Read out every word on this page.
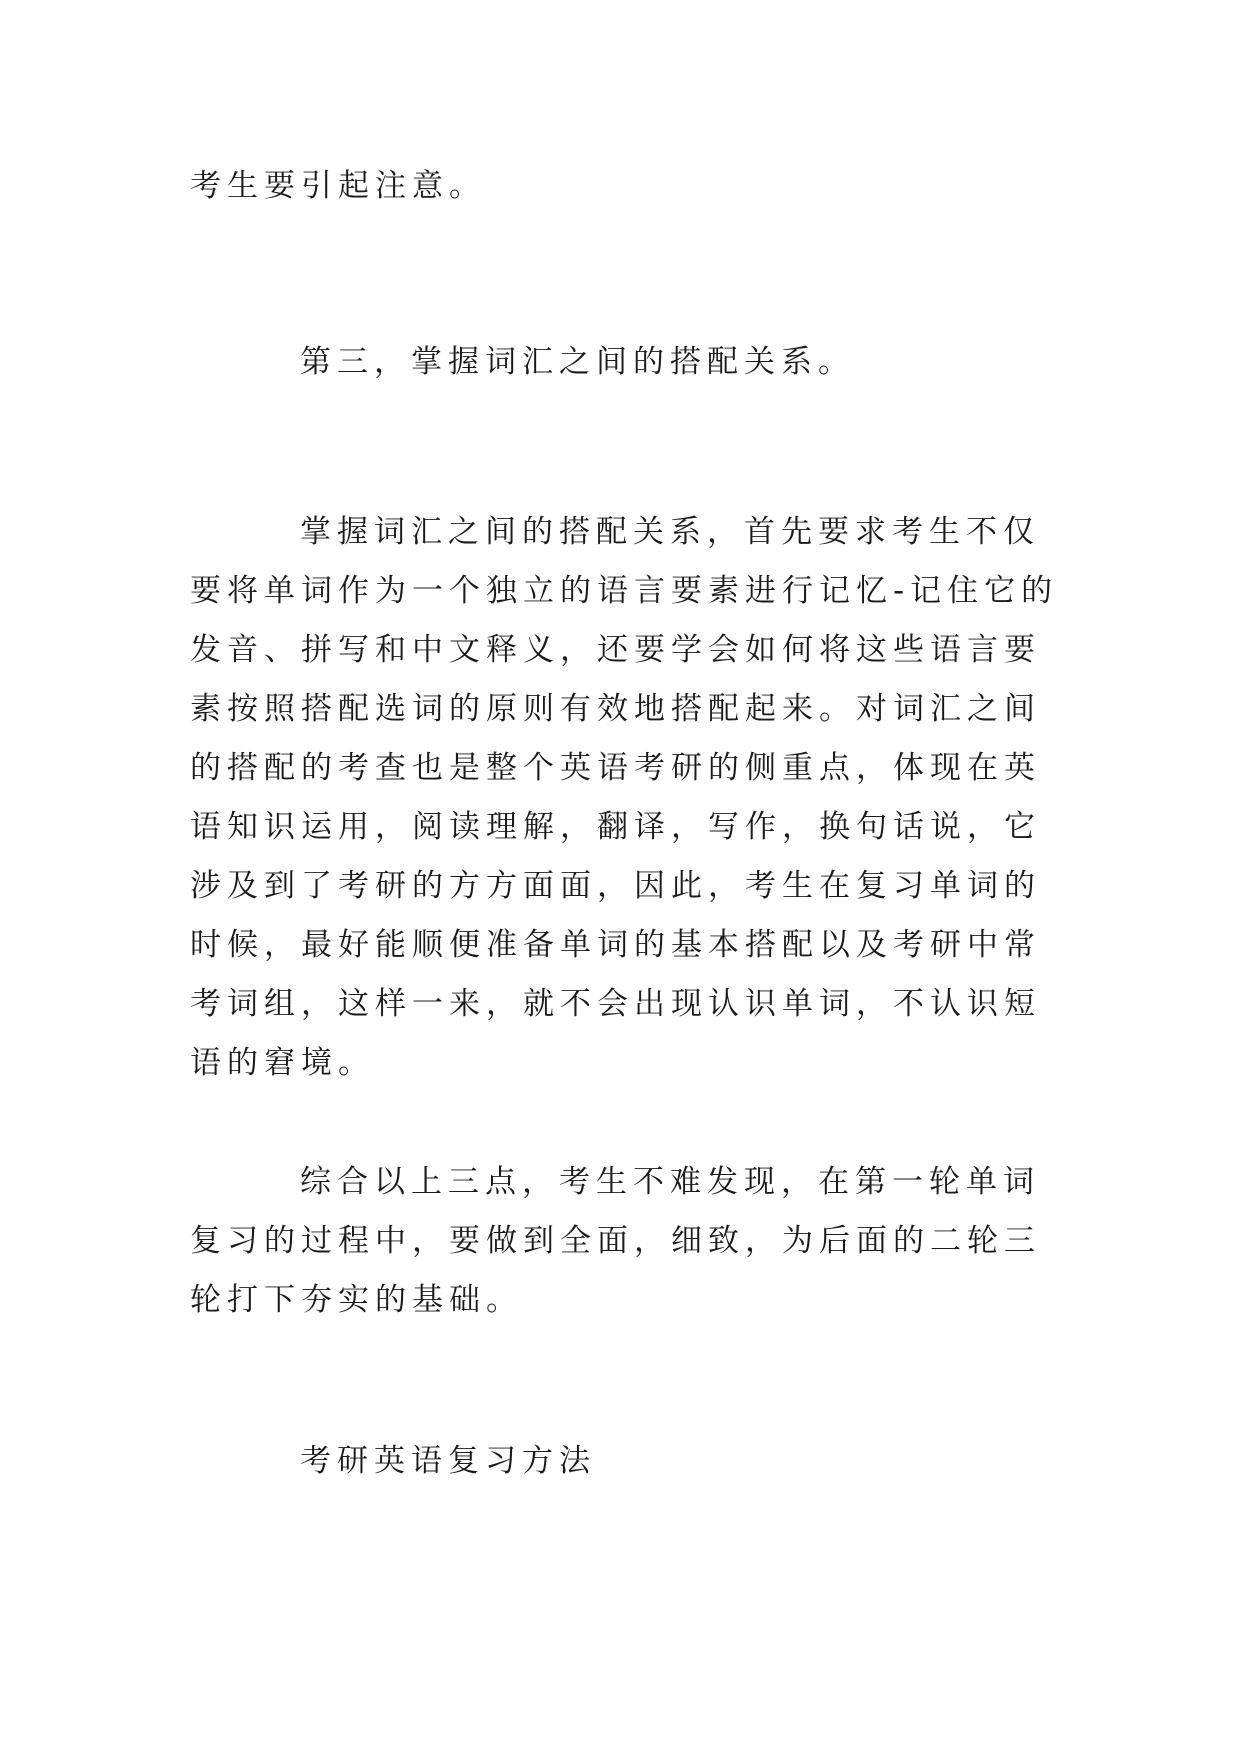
考生要引起注意。

第三，掌握词汇之间的搭配关系。

掌握词汇之间的搭配关系，首先要求考生不仅要将单词作为一个独立的语言要素进行记忆-记住它的发音、拼写和中文释义，还要学会如何将这些语言要素按照搭配选词的原则有效地搭配起来。对词汇之间的搭配的考查也是整个英语考研的侧重点，体现在英语知识运用，阅读理解，翻译，写作，换句话说，它涉及到了考研的方方面面，因此，考生在复习单词的时候，最好能顺便准备单词的基本搭配以及考研中常考词组，这样一来，就不会出现认识单词，不认识短语的窘境。

综合以上三点，考生不难发现，在第一轮单词复习的过程中，要做到全面，细致，为后面的二轮三轮打下夯实的基础。

考研英语复习方法
